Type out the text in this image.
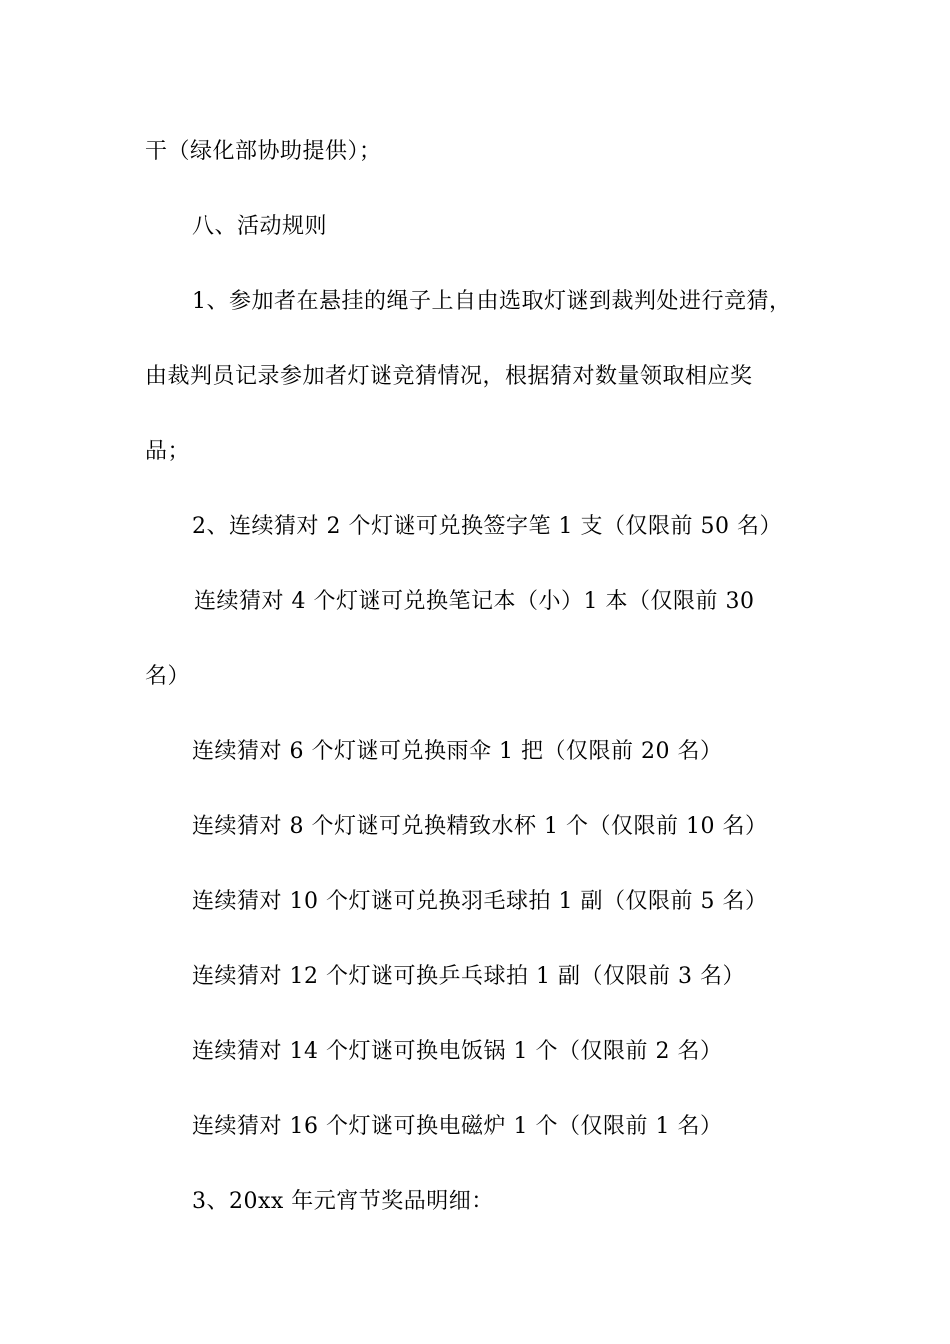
干（绿化部协助提供）；
八、活动规则
1、参加者在悬挂的绳子上自由选取灯谜到裁判处进行竞猜，
由裁判员记录参加者灯谜竞猜情况，根据猜对数量领取相应奖
品；
2、连续猜对 2 个灯谜可兑换签字笔 1 支（仅限前 50 名）
连续猜对 4 个灯谜可兑换笔记本（小）1 本（仅限前 30
名）
连续猜对 6 个灯谜可兑换雨伞 1 把（仅限前 20 名）
连续猜对 8 个灯谜可兑换精致水杯 1 个（仅限前 10 名）
连续猜对 10 个灯谜可兑换羽毛球拍 1 副（仅限前 5 名）
连续猜对 12 个灯谜可换乒乓球拍 1 副（仅限前 3 名）
连续猜对 14 个灯谜可换电饭锅 1 个（仅限前 2 名）
连续猜对 16 个灯谜可换电磁炉 1 个（仅限前 1 名）
3、20xx 年元宵节奖品明细：
